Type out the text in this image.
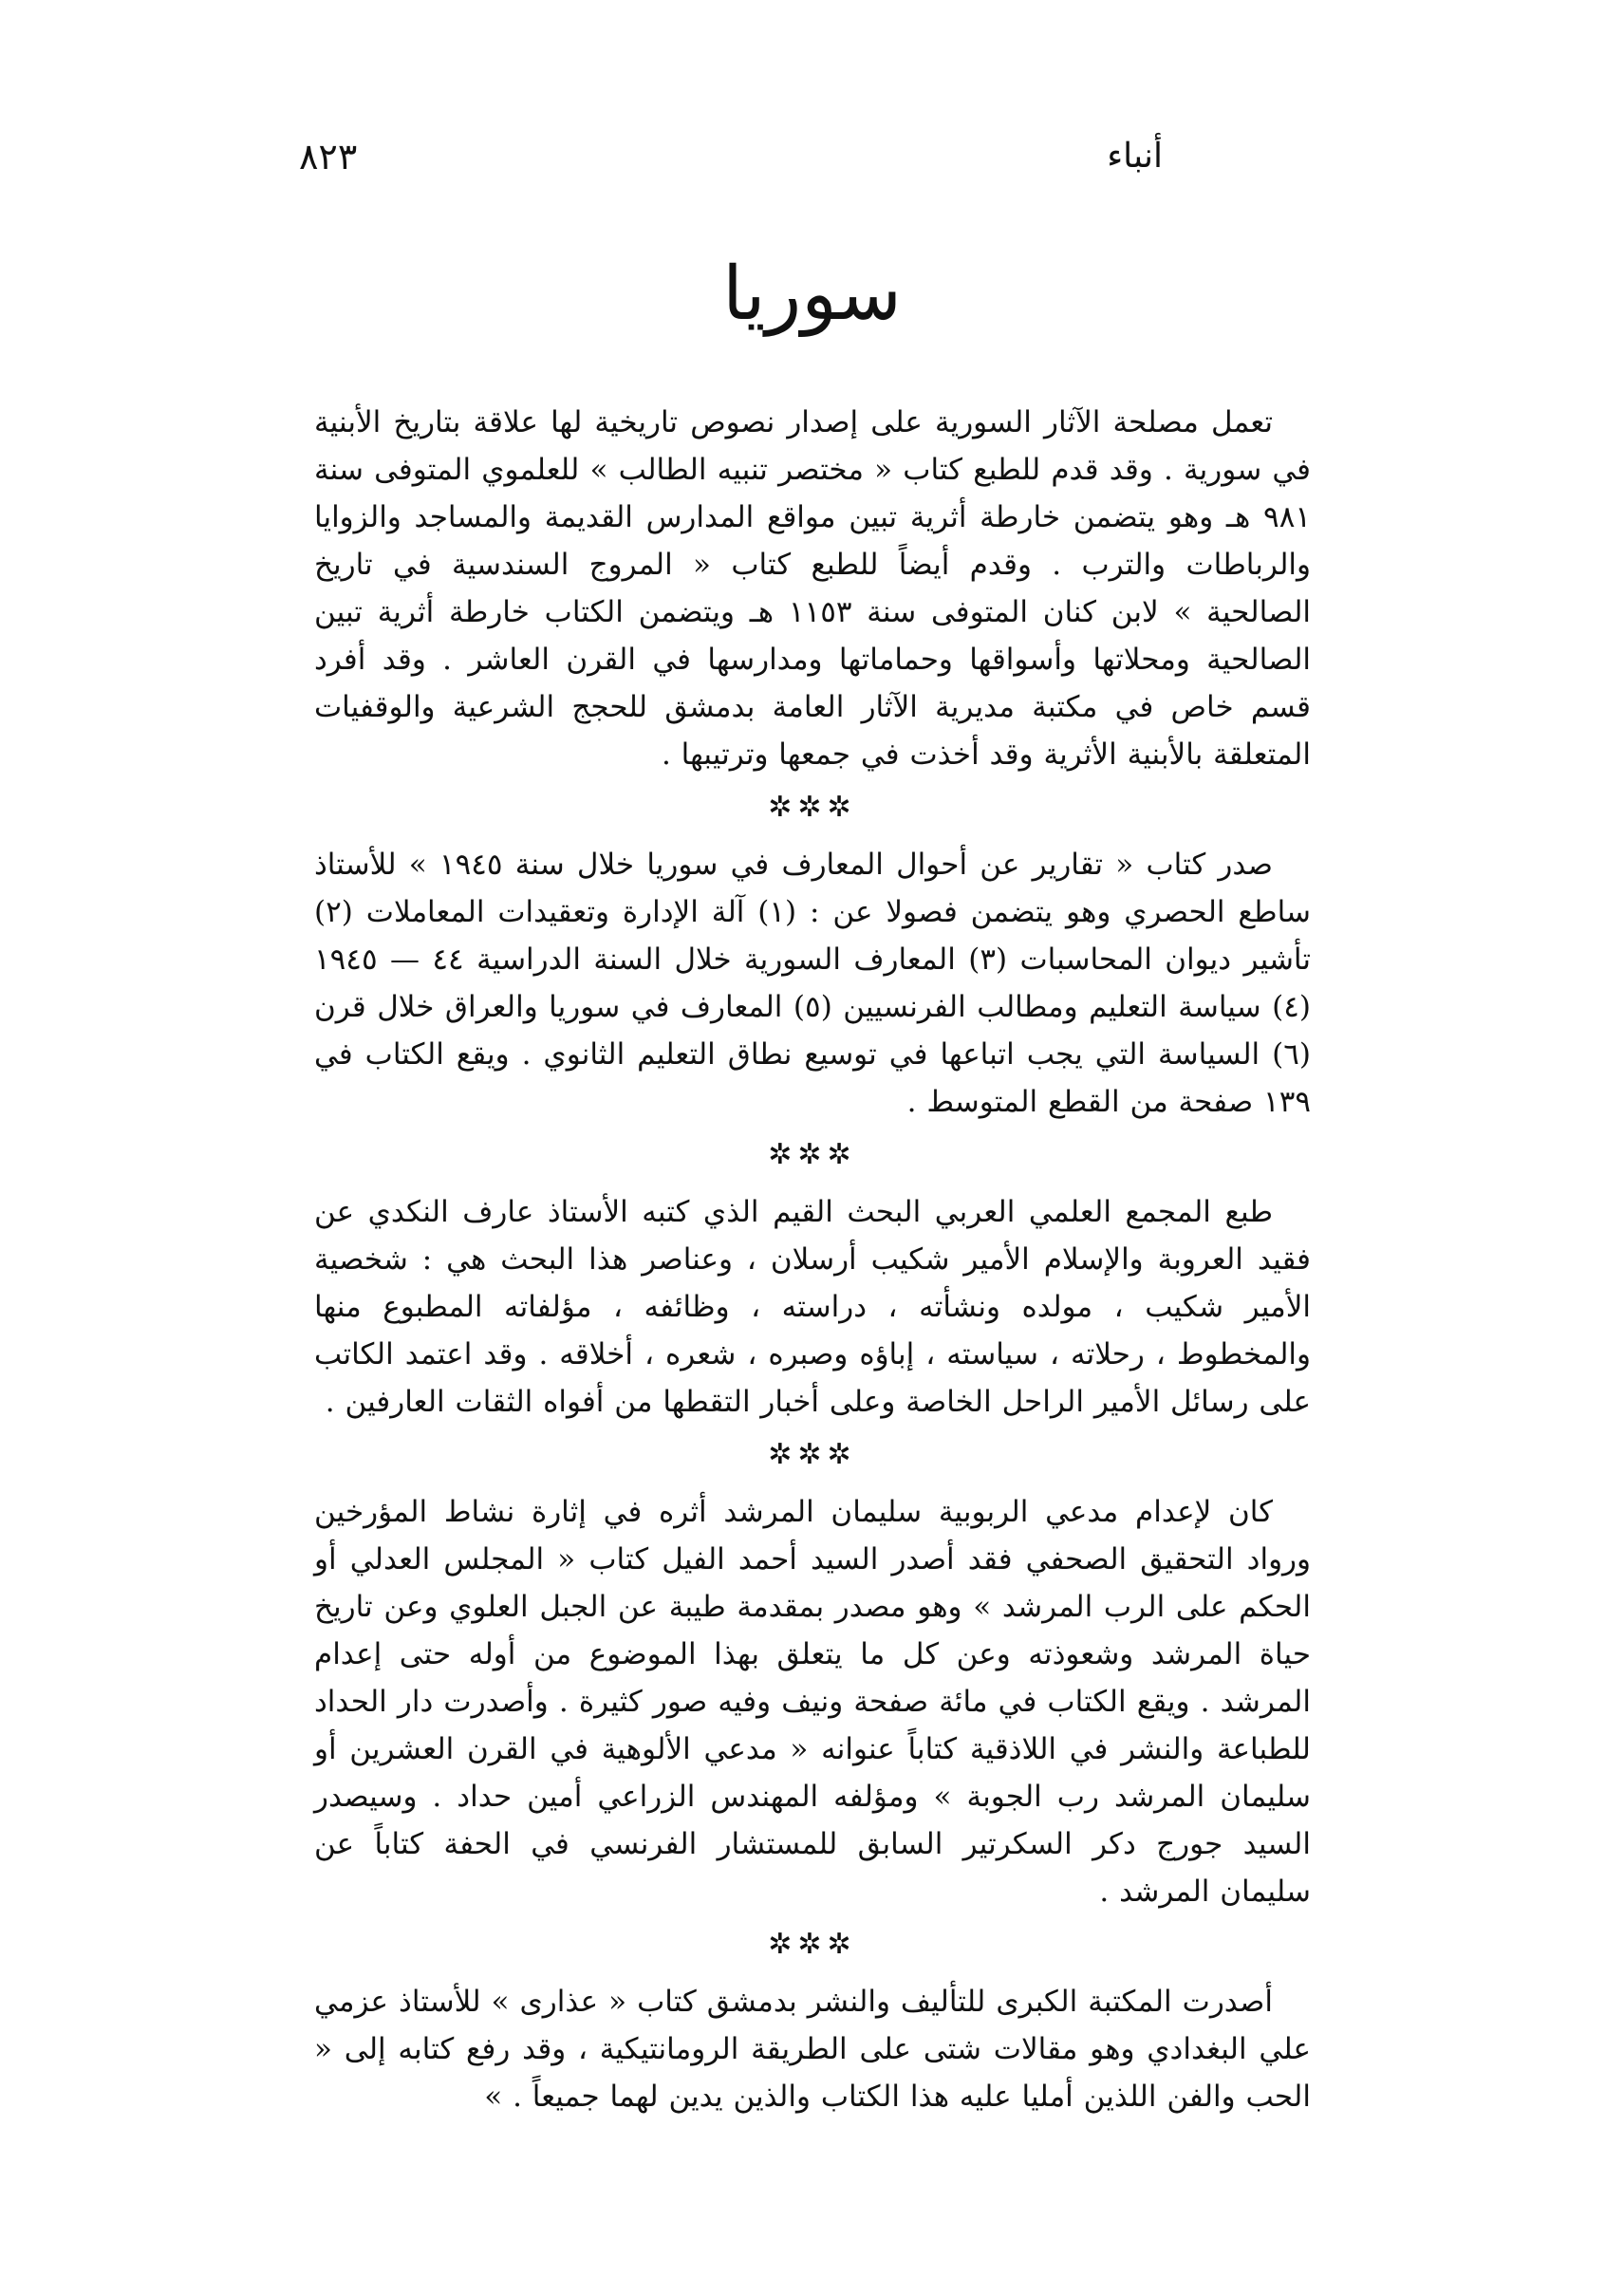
أنباء
٨٢٣
سوريا

تعمل مصلحة الآثار السورية على إصدار نصوص تاريخية لها علاقة بتاريخ الأبنية في سورية . وقد قدم للطبع كتاب « مختصر تنبيه الطالب » للعلموي المتوفى سنة ٩٨١ هـ وهو يتضمن خارطة أثرية تبين مواقع المدارس القديمة والمساجد والزوايا والرباطات والترب . وقدم أيضاً للطبع كتاب « المروج السندسية في تاريخ الصالحية » لابن كنان المتوفى سنة ١١٥٣ هـ ويتضمن الكتاب خارطة أثرية تبين الصالحية ومحلاتها وأسواقها وحماماتها ومدارسها في القرن العاشر . وقد أفرد قسم خاص في مكتبة مديرية الآثار العامة بدمشق للحجج الشرعية والوقفيات المتعلقة بالأبنية الأثرية وقد أخذت في جمعها وترتيبها .

✲✲✲

صدر كتاب « تقارير عن أحوال المعارف في سوريا خلال سنة ١٩٤٥ » للأستاذ ساطع الحصري وهو يتضمن فصولا عن : (١) آلة الإدارة وتعقيدات المعاملات (٢) تأشير ديوان المحاسبات (٣) المعارف السورية خلال السنة الدراسية ٤٤ — ١٩٤٥ (٤) سياسة التعليم ومطالب الفرنسيين (٥) المعارف في سوريا والعراق خلال قرن (٦) السياسة التي يجب اتباعها في توسيع نطاق التعليم الثانوي . ويقع الكتاب في ١٣٩ صفحة من القطع المتوسط .

✲✲✲

طبع المجمع العلمي العربي البحث القيم الذي كتبه الأستاذ عارف النكدي عن فقيد العروبة والإسلام الأمير شكيب أرسلان ، وعناصر هذا البحث هي : شخصية الأمير شكيب ، مولده ونشأته ، دراسته ، وظائفه ، مؤلفاته المطبوع منها والمخطوط ، رحلاته ، سياسته ، إباؤه وصبره ، شعره ، أخلاقه . وقد اعتمد الكاتب على رسائل الأمير الراحل الخاصة وعلى أخبار التقطها من أفواه الثقات العارفين .

✲✲✲

كان لإعدام مدعي الربوبية سليمان المرشد أثره في إثارة نشاط المؤرخين ورواد التحقيق الصحفي فقد أصدر السيد أحمد الفيل كتاب « المجلس العدلي أو الحكم على الرب المرشد » وهو مصدر بمقدمة طيبة عن الجبل العلوي وعن تاريخ حياة المرشد وشعوذته وعن كل ما يتعلق بهذا الموضوع من أوله حتى إعدام المرشد . ويقع الكتاب في مائة صفحة ونيف وفيه صور كثيرة . وأصدرت دار الحداد للطباعة والنشر في اللاذقية كتاباً عنوانه « مدعي الألوهية في القرن العشرين أو سليمان المرشد رب الجوبة » ومؤلفه المهندس الزراعي أمين حداد . وسيصدر السيد جورج دكر السكرتير السابق للمستشار الفرنسي في الحفة كتاباً عن سليمان المرشد .

✲✲✲

أصدرت المكتبة الكبرى للتأليف والنشر بدمشق كتاب « عذارى » للأستاذ عزمي علي البغدادي وهو مقالات شتى على الطريقة الرومانتيكية ، وقد رفع كتابه إلى « الحب والفن اللذين أمليا عليه هذا الكتاب والذين يدين لهما جميعاً . »
